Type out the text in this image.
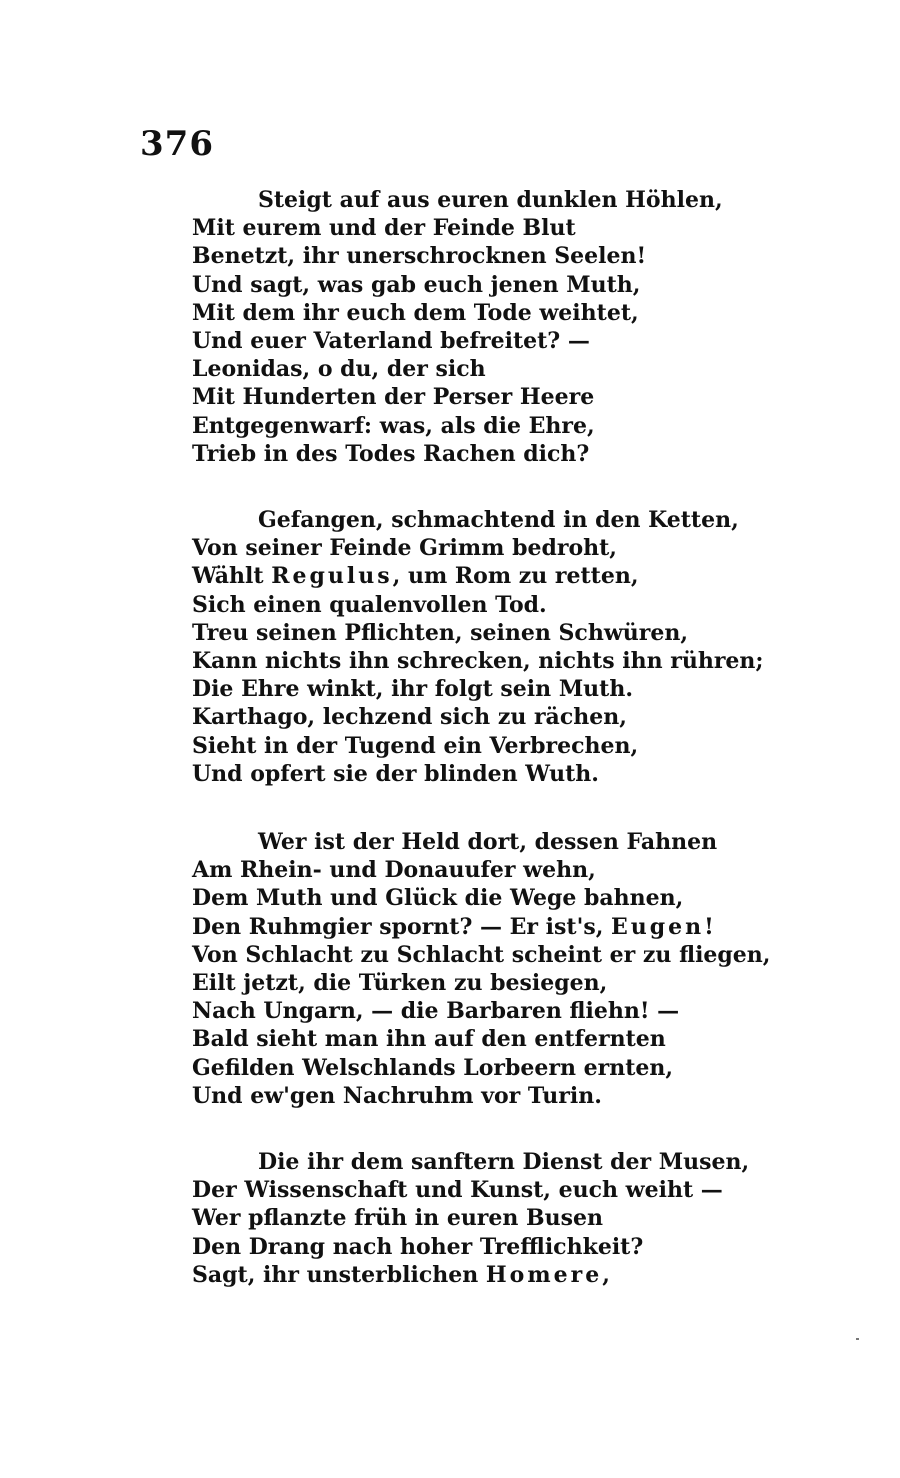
376
Steigt auf aus euren dunklen Höhlen,
Mit eurem und der Feinde Blut
Benetzt, ihr unerschrocknen Seelen!
Und sagt, was gab euch jenen Muth,
Mit dem ihr euch dem Tode weihtet,
Und euer Vaterland befreitet? —
Leonidas, o du, der sich
Mit Hunderten der Perser Heere
Entgegenwarf: was, als die Ehre,
Trieb in des Todes Rachen dich?
Gefangen, schmachtend in den Ketten,
Von seiner Feinde Grimm bedroht,
Wählt Regulus, um Rom zu retten,
Sich einen qualenvollen Tod.
Treu seinen Pflichten, seinen Schwüren,
Kann nichts ihn schrecken, nichts ihn rühren;
Die Ehre winkt, ihr folgt sein Muth.
Karthago, lechzend sich zu rächen,
Sieht in der Tugend ein Verbrechen,
Und opfert sie der blinden Wuth.
Wer ist der Held dort, dessen Fahnen
Am Rhein- und Donauufer wehn,
Dem Muth und Glück die Wege bahnen,
Den Ruhmgier spornt? — Er ist's, Eugen!
Von Schlacht zu Schlacht scheint er zu fliegen,
Eilt jetzt, die Türken zu besiegen,
Nach Ungarn, — die Barbaren fliehn! —
Bald sieht man ihn auf den entfernten
Gefilden Welschlands Lorbeern ernten,
Und ew'gen Nachruhm vor Turin.
Die ihr dem sanftern Dienst der Musen,
Der Wissenschaft und Kunst, euch weiht —
Wer pflanzte früh in euren Busen
Den Drang nach hoher Trefflichkeit?
Sagt, ihr unsterblichen Homere,
